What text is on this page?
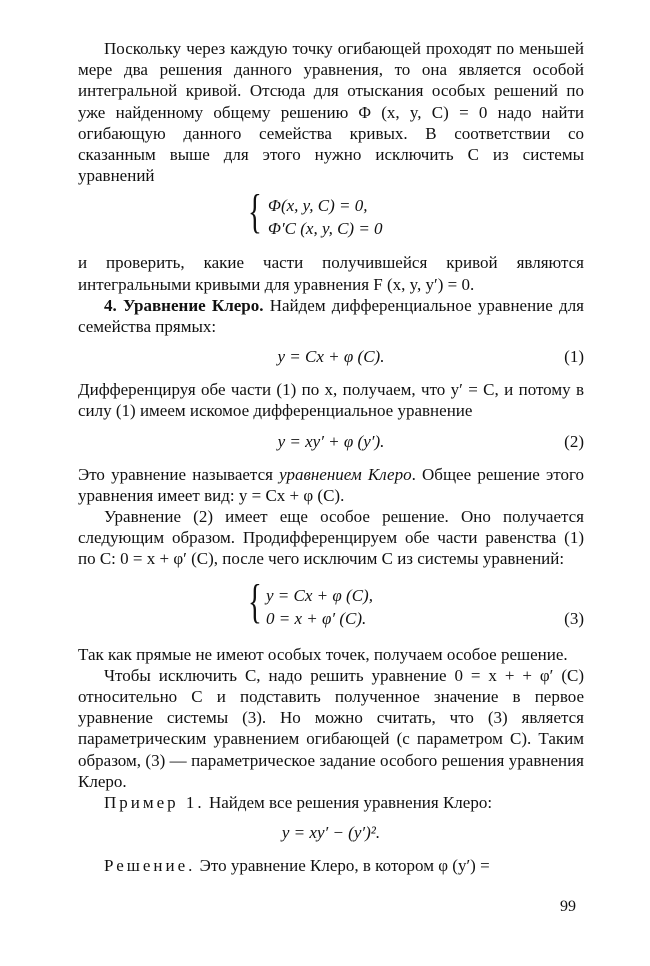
Поскольку через каждую точку огибающей проходят по меньшей мере два решения данного уравнения, то она является особой интегральной кривой. Отсюда для отыскания особых решений по уже найденному общему решению Φ (x, y, C) = 0 надо найти огибающую данного семейства кривых. В соответствии со сказанным выше для этого нужно исключить C из системы уравнений

{ Φ(x, y, C) = 0,
Φ′C (x, y, C) = 0

и проверить, какие части получившейся кривой являются интегральными кривыми для уравнения F (x, y, y′) = 0.

4. Уравнение Клеро. Найдем дифференциальное уравнение для семейства прямых:

y = Cx + φ (C).	(1)

Дифференцируя обе части (1) по x, получаем, что y′ = C, и потому в силу (1) имеем искомое дифференциальное уравнение

y = xy′ + φ (y′).	(2)

Это уравнение называется уравнением Клеро. Общее решение этого уравнения имеет вид: y = Cx + φ (C).

Уравнение (2) имеет еще особое решение. Оно получается следующим образом. Продифференцируем обе части равенства (1) по C: 0 = x + φ′ (C), после чего исключим C из системы уравнений:

{ y = Cx + φ (C),
0 = x + φ′ (C).	(3)

Так как прямые не имеют особых точек, получаем особое решение.

Чтобы исключить C, надо решить уравнение 0 = x + + φ′ (C) относительно C и подставить полученное значение в первое уравнение системы (3). Но можно считать, что (3) является параметрическим уравнением огибающей (с параметром C). Таким образом, (3) — параметрическое задание особого решения уравнения Клеро.

Пример 1. Найдем все решения уравнения Клеро:

y = xy′ − (y′)².

Решение. Это уравнение Клеро, в котором φ (y′) =

99
